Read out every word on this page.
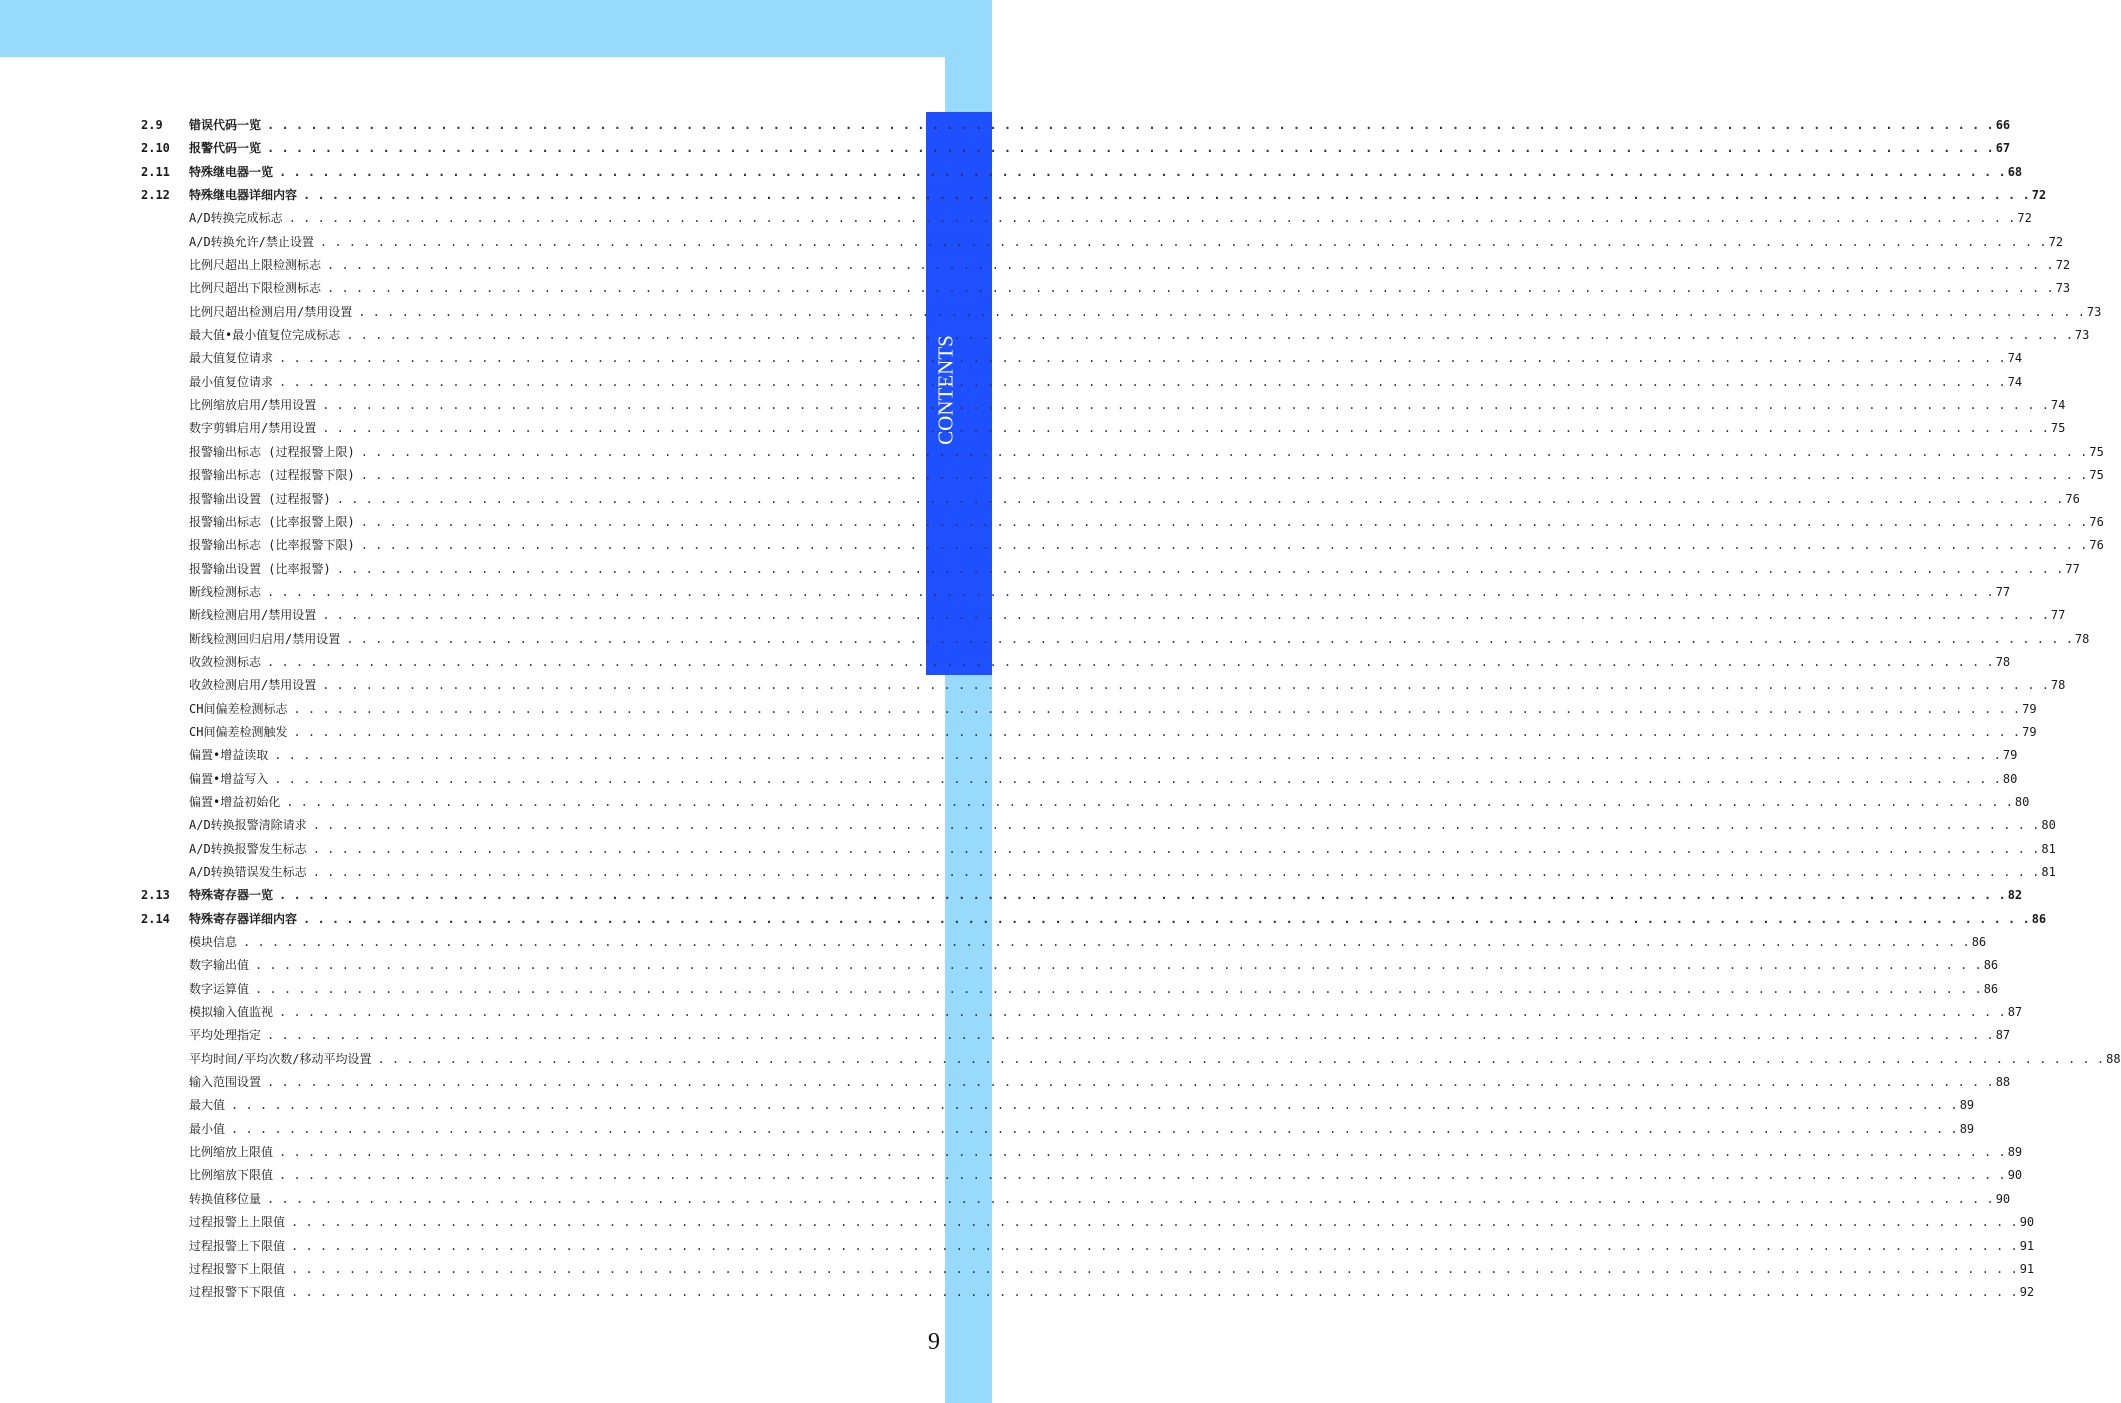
CONTENTS
2.9	错误代码一览 . . . . . . . . . . . . . . . . . . . . . . . . . . . . . . . . . . . . . . . . . . . . . . . . . . . . . . . . . . . . . . . . . . . . . . . . . . . . . . . . . . . . . . . . . . . . . . . . . . . . . . . . . . . . . . . . . . . . . . . . 66
2.10	报警代码一览 . . . . . . . . . . . . . . . . . . . . . . . . . . . . . . . . . . . . . . . . . . . . . . . . . . . . . . . . . . . . . . . . . . . . . . . . . . . . . . . . . . . . . . . . . . . . . . . . . . . . . . . . . . . . . . . . . . . . . . . . 67
2.11	特殊继电器一览 . . . . . . . . . . . . . . . . . . . . . . . . . . . . . . . . . . . . . . . . . . . . . . . . . . . . . . . . . . . . . . . . . . . . . . . . . . . . . . . . . . . . . . . . . . . . . . . . . . . . . . . . . . . . . . . . . . . . . . . . 68
2.12	特殊继电器详细内容 . . . . . . . . . . . . . . . . . . . . . . . . . . . . . . . . . . . . . . . . . . . . . . . . . . . . . . . . . . . . . . . . . . . . . . . . . . . . . . . . . . . . . . . . . . . . . . . . . . . . . . . . . . . . . . . . . . . . . . . . 72
A/D转换完成标志 . . . . . . . . . . . . . . . . . . . . . . . . . . . . . . . . . . . . . . . . . . . . . . . . . . . . . . . . . . . . . . . . . . . . . . . . . . . . . . . . . . . . . . . . . . . . . . . . . . . . . . . . . . . . . . . . . . . . . . . . 72
A/D转换允许/禁止设置 . . . . . . . . . . . . . . . . . . . . . . . . . . . . . . . . . . . . . . . . . . . . . . . . . . . . . . . . . . . . . . . . . . . . . . . . . . . . . . . . . . . . . . . . . . . . . . . . . . . . . . . . . . . . . . . . . . . . . . . . 72
比例尺超出上限检测标志 . . . . . . . . . . . . . . . . . . . . . . . . . . . . . . . . . . . . . . . . . . . . . . . . . . . . . . . . . . . . . . . . . . . . . . . . . . . . . . . . . . . . . . . . . . . . . . . . . . . . . . . . . . . . . . . . . . . . . . . . 72
比例尺超出下限检测标志 . . . . . . . . . . . . . . . . . . . . . . . . . . . . . . . . . . . . . . . . . . . . . . . . . . . . . . . . . . . . . . . . . . . . . . . . . . . . . . . . . . . . . . . . . . . . . . . . . . . . . . . . . . . . . . . . . . . . . . . . 73
比例尺超出检测启用/禁用设置 . . . . . . . . . . . . . . . . . . . . . . . . . . . . . . . . . . . . . . . . . . . . . . . . . . . . . . . . . . . . . . . . . . . . . . . . . . . . . . . . . . . . . . . . . . . . . . . . . . . . . . . . . . . . . . . . . . . . . . . . 73
最大值•最小值复位完成标志 . . . . . . . . . . . . . . . . . . . . . . . . . . . . . . . . . . . . . . . . . . . . . . . . . . . . . . . . . . . . . . . . . . . . . . . . . . . . . . . . . . . . . . . . . . . . . . . . . . . . . . . . . . . . . . . . . . . . . . . . 73
最大值复位请求 . . . . . . . . . . . . . . . . . . . . . . . . . . . . . . . . . . . . . . . . . . . . . . . . . . . . . . . . . . . . . . . . . . . . . . . . . . . . . . . . . . . . . . . . . . . . . . . . . . . . . . . . . . . . . . . . . . . . . . . . 74
最小值复位请求 . . . . . . . . . . . . . . . . . . . . . . . . . . . . . . . . . . . . . . . . . . . . . . . . . . . . . . . . . . . . . . . . . . . . . . . . . . . . . . . . . . . . . . . . . . . . . . . . . . . . . . . . . . . . . . . . . . . . . . . . 74
比例缩放启用/禁用设置 . . . . . . . . . . . . . . . . . . . . . . . . . . . . . . . . . . . . . . . . . . . . . . . . . . . . . . . . . . . . . . . . . . . . . . . . . . . . . . . . . . . . . . . . . . . . . . . . . . . . . . . . . . . . . . . . . . . . . . . . 74
数字剪辑启用/禁用设置 . . . . . . . . . . . . . . . . . . . . . . . . . . . . . . . . . . . . . . . . . . . . . . . . . . . . . . . . . . . . . . . . . . . . . . . . . . . . . . . . . . . . . . . . . . . . . . . . . . . . . . . . . . . . . . . . . . . . . . . . 75
报警输出标志 (过程报警上限) . . . . . . . . . . . . . . . . . . . . . . . . . . . . . . . . . . . . . . . . . . . . . . . . . . . . . . . . . . . . . . . . . . . . . . . . . . . . . . . . . . . . . . . . . . . . . . . . . . . . . . . . . . . . . . . . . . . . . . . . 75
报警输出标志 (过程报警下限) . . . . . . . . . . . . . . . . . . . . . . . . . . . . . . . . . . . . . . . . . . . . . . . . . . . . . . . . . . . . . . . . . . . . . . . . . . . . . . . . . . . . . . . . . . . . . . . . . . . . . . . . . . . . . . . . . . . . . . . . 75
报警输出设置 (过程报警) . . . . . . . . . . . . . . . . . . . . . . . . . . . . . . . . . . . . . . . . . . . . . . . . . . . . . . . . . . . . . . . . . . . . . . . . . . . . . . . . . . . . . . . . . . . . . . . . . . . . . . . . . . . . . . . . . . . . . . . . 76
报警输出标志 (比率报警上限) . . . . . . . . . . . . . . . . . . . . . . . . . . . . . . . . . . . . . . . . . . . . . . . . . . . . . . . . . . . . . . . . . . . . . . . . . . . . . . . . . . . . . . . . . . . . . . . . . . . . . . . . . . . . . . . . . . . . . . . . 76
报警输出标志 (比率报警下限) . . . . . . . . . . . . . . . . . . . . . . . . . . . . . . . . . . . . . . . . . . . . . . . . . . . . . . . . . . . . . . . . . . . . . . . . . . . . . . . . . . . . . . . . . . . . . . . . . . . . . . . . . . . . . . . . . . . . . . . . 76
报警输出设置 (比率报警) . . . . . . . . . . . . . . . . . . . . . . . . . . . . . . . . . . . . . . . . . . . . . . . . . . . . . . . . . . . . . . . . . . . . . . . . . . . . . . . . . . . . . . . . . . . . . . . . . . . . . . . . . . . . . . . . . . . . . . . . 77
断线检测标志 . . . . . . . . . . . . . . . . . . . . . . . . . . . . . . . . . . . . . . . . . . . . . . . . . . . . . . . . . . . . . . . . . . . . . . . . . . . . . . . . . . . . . . . . . . . . . . . . . . . . . . . . . . . . . . . . . . . . . . . . 77
断线检测启用/禁用设置 . . . . . . . . . . . . . . . . . . . . . . . . . . . . . . . . . . . . . . . . . . . . . . . . . . . . . . . . . . . . . . . . . . . . . . . . . . . . . . . . . . . . . . . . . . . . . . . . . . . . . . . . . . . . . . . . . . . . . . . . 77
断线检测回归启用/禁用设置 . . . . . . . . . . . . . . . . . . . . . . . . . . . . . . . . . . . . . . . . . . . . . . . . . . . . . . . . . . . . . . . . . . . . . . . . . . . . . . . . . . . . . . . . . . . . . . . . . . . . . . . . . . . . . . . . . . . . . . . . 78
收敛检测标志 . . . . . . . . . . . . . . . . . . . . . . . . . . . . . . . . . . . . . . . . . . . . . . . . . . . . . . . . . . . . . . . . . . . . . . . . . . . . . . . . . . . . . . . . . . . . . . . . . . . . . . . . . . . . . . . . . . . . . . . . 78
收敛检测启用/禁用设置 . . . . . . . . . . . . . . . . . . . . . . . . . . . . . . . . . . . . . . . . . . . . . . . . . . . . . . . . . . . . . . . . . . . . . . . . . . . . . . . . . . . . . . . . . . . . . . . . . . . . . . . . . . . . . . . . . . . . . . . . 78
CH间偏差检测标志 . . . . . . . . . . . . . . . . . . . . . . . . . . . . . . . . . . . . . . . . . . . . . . . . . . . . . . . . . . . . . . . . . . . . . . . . . . . . . . . . . . . . . . . . . . . . . . . . . . . . . . . . . . . . . . . . . . . . . . . . 79
CH间偏差检测触发 . . . . . . . . . . . . . . . . . . . . . . . . . . . . . . . . . . . . . . . . . . . . . . . . . . . . . . . . . . . . . . . . . . . . . . . . . . . . . . . . . . . . . . . . . . . . . . . . . . . . . . . . . . . . . . . . . . . . . . . . 79
偏置•增益读取 . . . . . . . . . . . . . . . . . . . . . . . . . . . . . . . . . . . . . . . . . . . . . . . . . . . . . . . . . . . . . . . . . . . . . . . . . . . . . . . . . . . . . . . . . . . . . . . . . . . . . . . . . . . . . . . . . . . . . . . . 79
偏置•增益写入 . . . . . . . . . . . . . . . . . . . . . . . . . . . . . . . . . . . . . . . . . . . . . . . . . . . . . . . . . . . . . . . . . . . . . . . . . . . . . . . . . . . . . . . . . . . . . . . . . . . . . . . . . . . . . . . . . . . . . . . . 80
偏置•增益初始化 . . . . . . . . . . . . . . . . . . . . . . . . . . . . . . . . . . . . . . . . . . . . . . . . . . . . . . . . . . . . . . . . . . . . . . . . . . . . . . . . . . . . . . . . . . . . . . . . . . . . . . . . . . . . . . . . . . . . . . . . 80
A/D转换报警清除请求 . . . . . . . . . . . . . . . . . . . . . . . . . . . . . . . . . . . . . . . . . . . . . . . . . . . . . . . . . . . . . . . . . . . . . . . . . . . . . . . . . . . . . . . . . . . . . . . . . . . . . . . . . . . . . . . . . . . . . . . . 80
A/D转换报警发生标志 . . . . . . . . . . . . . . . . . . . . . . . . . . . . . . . . . . . . . . . . . . . . . . . . . . . . . . . . . . . . . . . . . . . . . . . . . . . . . . . . . . . . . . . . . . . . . . . . . . . . . . . . . . . . . . . . . . . . . . . . 81
A/D转换错误发生标志 . . . . . . . . . . . . . . . . . . . . . . . . . . . . . . . . . . . . . . . . . . . . . . . . . . . . . . . . . . . . . . . . . . . . . . . . . . . . . . . . . . . . . . . . . . . . . . . . . . . . . . . . . . . . . . . . . . . . . . . . 81
2.13	特殊寄存器一览 . . . . . . . . . . . . . . . . . . . . . . . . . . . . . . . . . . . . . . . . . . . . . . . . . . . . . . . . . . . . . . . . . . . . . . . . . . . . . . . . . . . . . . . . . . . . . . . . . . . . . . . . . . . . . . . . . . . . . . . . 82
2.14	特殊寄存器详细内容 . . . . . . . . . . . . . . . . . . . . . . . . . . . . . . . . . . . . . . . . . . . . . . . . . . . . . . . . . . . . . . . . . . . . . . . . . . . . . . . . . . . . . . . . . . . . . . . . . . . . . . . . . . . . . . . . . . . . . . . . 86
模块信息 . . . . . . . . . . . . . . . . . . . . . . . . . . . . . . . . . . . . . . . . . . . . . . . . . . . . . . . . . . . . . . . . . . . . . . . . . . . . . . . . . . . . . . . . . . . . . . . . . . . . . . . . . . . . . . . . . . . . . . . . 86
数字输出值 . . . . . . . . . . . . . . . . . . . . . . . . . . . . . . . . . . . . . . . . . . . . . . . . . . . . . . . . . . . . . . . . . . . . . . . . . . . . . . . . . . . . . . . . . . . . . . . . . . . . . . . . . . . . . . . . . . . . . . . . 86
数字运算值 . . . . . . . . . . . . . . . . . . . . . . . . . . . . . . . . . . . . . . . . . . . . . . . . . . . . . . . . . . . . . . . . . . . . . . . . . . . . . . . . . . . . . . . . . . . . . . . . . . . . . . . . . . . . . . . . . . . . . . . . 86
模拟输入值监视 . . . . . . . . . . . . . . . . . . . . . . . . . . . . . . . . . . . . . . . . . . . . . . . . . . . . . . . . . . . . . . . . . . . . . . . . . . . . . . . . . . . . . . . . . . . . . . . . . . . . . . . . . . . . . . . . . . . . . . . . 87
平均处理指定 . . . . . . . . . . . . . . . . . . . . . . . . . . . . . . . . . . . . . . . . . . . . . . . . . . . . . . . . . . . . . . . . . . . . . . . . . . . . . . . . . . . . . . . . . . . . . . . . . . . . . . . . . . . . . . . . . . . . . . . . 87
平均时间/平均次数/移动平均设置 . . . . . . . . . . . . . . . . . . . . . . . . . . . . . . . . . . . . . . . . . . . . . . . . . . . . . . . . . . . . . . . . . . . . . . . . . . . . . . . . . . . . . . . . . . . . . . . . . . . . . . . . . . . . . . . . . . . . . . . . 88
输入范围设置 . . . . . . . . . . . . . . . . . . . . . . . . . . . . . . . . . . . . . . . . . . . . . . . . . . . . . . . . . . . . . . . . . . . . . . . . . . . . . . . . . . . . . . . . . . . . . . . . . . . . . . . . . . . . . . . . . . . . . . . . 88
最大值 . . . . . . . . . . . . . . . . . . . . . . . . . . . . . . . . . . . . . . . . . . . . . . . . . . . . . . . . . . . . . . . . . . . . . . . . . . . . . . . . . . . . . . . . . . . . . . . . . . . . . . . . . . . . . . . . . . . . . . . . 89
最小值 . . . . . . . . . . . . . . . . . . . . . . . . . . . . . . . . . . . . . . . . . . . . . . . . . . . . . . . . . . . . . . . . . . . . . . . . . . . . . . . . . . . . . . . . . . . . . . . . . . . . . . . . . . . . . . . . . . . . . . . . 89
比例缩放上限值 . . . . . . . . . . . . . . . . . . . . . . . . . . . . . . . . . . . . . . . . . . . . . . . . . . . . . . . . . . . . . . . . . . . . . . . . . . . . . . . . . . . . . . . . . . . . . . . . . . . . . . . . . . . . . . . . . . . . . . . . 89
比例缩放下限值 . . . . . . . . . . . . . . . . . . . . . . . . . . . . . . . . . . . . . . . . . . . . . . . . . . . . . . . . . . . . . . . . . . . . . . . . . . . . . . . . . . . . . . . . . . . . . . . . . . . . . . . . . . . . . . . . . . . . . . . . 90
转换值移位量 . . . . . . . . . . . . . . . . . . . . . . . . . . . . . . . . . . . . . . . . . . . . . . . . . . . . . . . . . . . . . . . . . . . . . . . . . . . . . . . . . . . . . . . . . . . . . . . . . . . . . . . . . . . . . . . . . . . . . . . . 90
过程报警上上限值 . . . . . . . . . . . . . . . . . . . . . . . . . . . . . . . . . . . . . . . . . . . . . . . . . . . . . . . . . . . . . . . . . . . . . . . . . . . . . . . . . . . . . . . . . . . . . . . . . . . . . . . . . . . . . . . . . . . . . . . . 90
过程报警上下限值 . . . . . . . . . . . . . . . . . . . . . . . . . . . . . . . . . . . . . . . . . . . . . . . . . . . . . . . . . . . . . . . . . . . . . . . . . . . . . . . . . . . . . . . . . . . . . . . . . . . . . . . . . . . . . . . . . . . . . . . . 91
过程报警下上限值 . . . . . . . . . . . . . . . . . . . . . . . . . . . . . . . . . . . . . . . . . . . . . . . . . . . . . . . . . . . . . . . . . . . . . . . . . . . . . . . . . . . . . . . . . . . . . . . . . . . . . . . . . . . . . . . . . . . . . . . . 91
过程报警下下限值 . . . . . . . . . . . . . . . . . . . . . . . . . . . . . . . . . . . . . . . . . . . . . . . . . . . . . . . . . . . . . . . . . . . . . . . . . . . . . . . . . . . . . . . . . . . . . . . . . . . . . . . . . . . . . . . . . . . . . . . . 92
9
